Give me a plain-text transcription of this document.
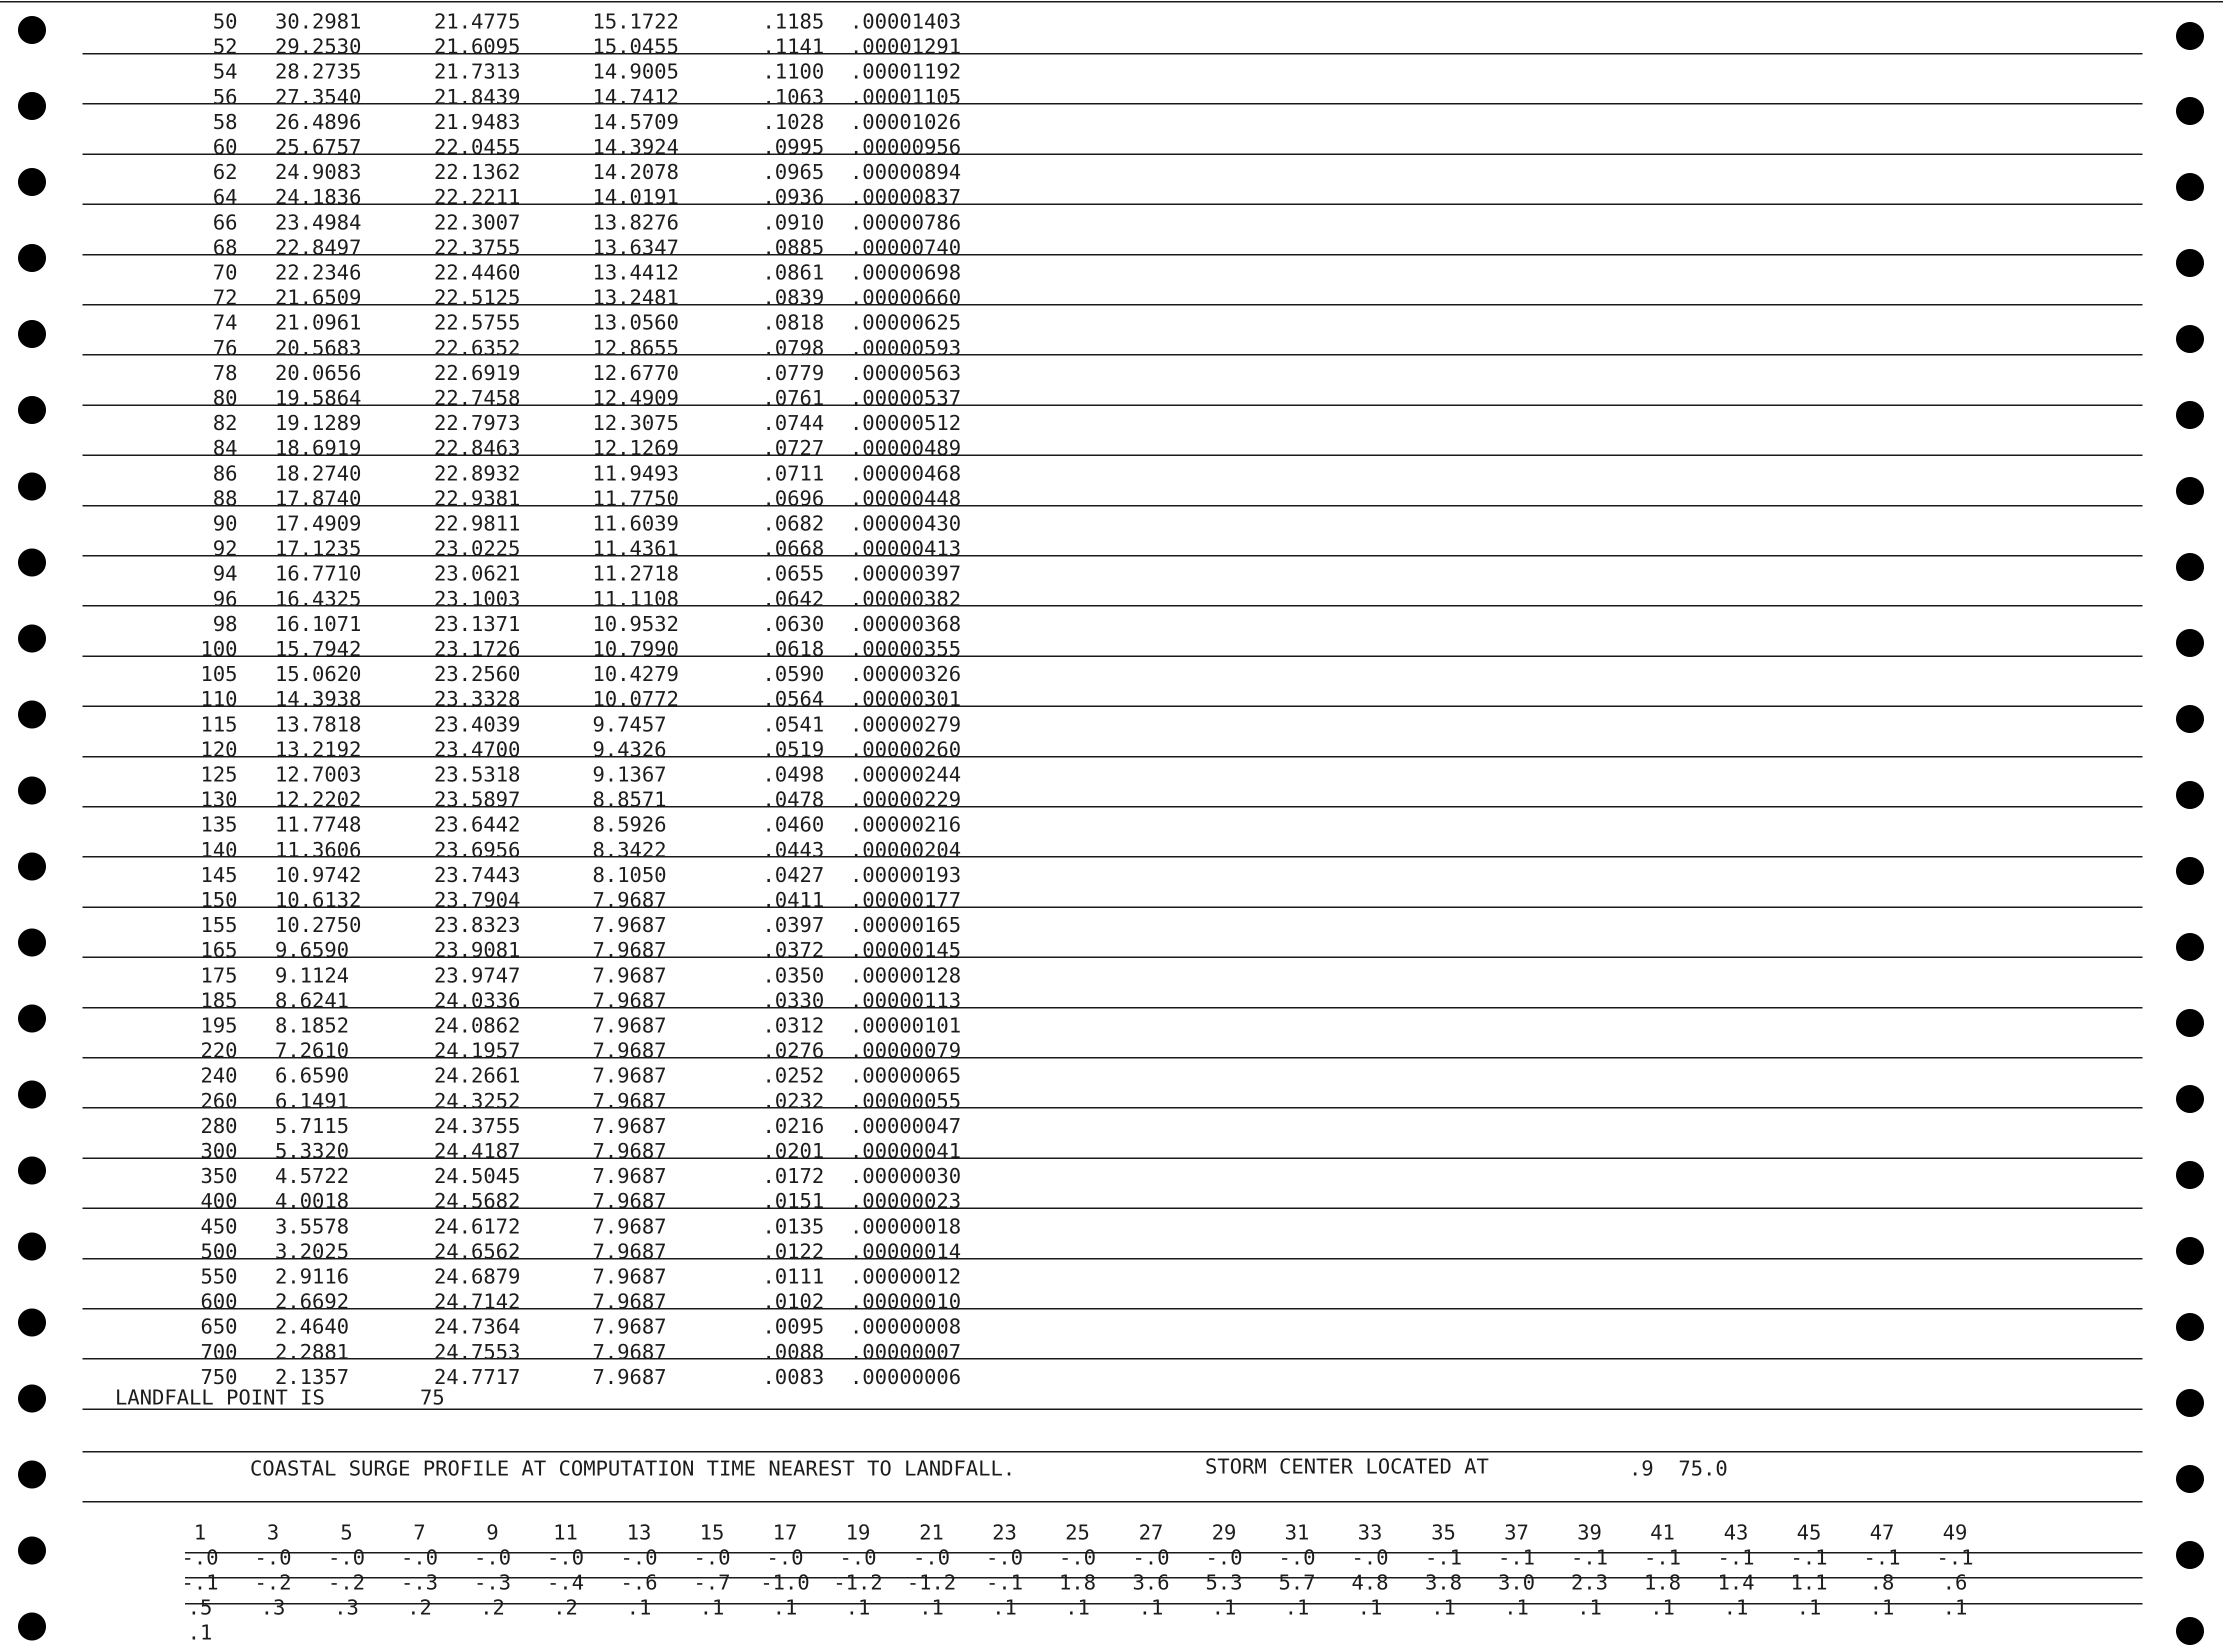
50 30.2981	21.4775	15.1722	.1185 .00001403
52 29.2530	21.6095	15.0455	.1141 .00001291
54 28.2735	21.7313	14.9005	.1100 .00001192
56 27.3540	21.8439	14.7412	.1063 .00001105
58 26.4896	21.9483	14.5709	.1028 .00001026
60 25.6757	22.0455	14.3924	.0995 .00000956
62 24.9083	22.1362	14.2078	.0965 .00000894
64 24.1836	22.2211	14.0191	.0936 .00000837
66 23.4984	22.3007	13.8276	.0910 .00000786
68 22.8497	22.3755	13.6347	.0885 .00000740
70 22.2346	22.4460	13.4412	.0861 .00000698
72 21.6509	22.5125	13.2481	.0839 .00000660
74 21.0961	22.5755	13.0560	.0818 .00000625
76 20.5683	22.6352	12.8655	.0798 .00000593
78 20.0656	22.6919	12.6770	.0779 .00000563
80 19.5864	22.7458	12.4909	.0761 .00000537
82 19.1289	22.7973	12.3075	.0744 .00000512
84 18.6919	22.8463	12.1269	.0727 .00000489
86 18.2740	22.8932	11.9493	.0711 .00000468
88 17.8740	22.9381	11.7750	.0696 .00000448
90 17.4909	22.9811	11.6039	.0682 .00000430
92 17.1235	23.0225	11.4361	.0668 .00000413
94 16.7710	23.0621	11.2718	.0655 .00000397
96 16.4325	23.1003	11.1108	.0642 .00000382
98 16.1071	23.1371	10.9532	.0630 .00000368
100 15.7942	23.1726	10.7990	.0618 .00000355
105 15.0620	23.2560	10.4279	.0590 .00000326
110 14.3938	23.3328	10.0772	.0564 .00000301
115 13.7818	23.4039	9.7457	.0541 .00000279
120 13.2192	23.4700	9.4326	.0519 .00000260
125 12.7003	23.5318	9.1367	.0498 .00000244
130 12.2202	23.5897	8.8571	.0478 .00000229
135 11.7748	23.6442	8.5926	.0460 .00000216
140 11.3606	23.6956	8.3422	.0443 .00000204
145 10.9742	23.7443	8.1050	.0427 .00000193
150 10.6132	23.7904	7.9687	.0411 .00000177
155 10.2750	23.8323	7.9687	.0397 .00000165
165 9.6590	23.9081	7.9687	.0372 .00000145
175 9.1124	23.9747	7.9687	.0350 .00000128
185 8.6241	24.0336	7.9687	.0330 .00000113
195 8.1852	24.0862	7.9687	.0312 .00000101
220 7.2610	24.1957	7.9687	.0276 .00000079
240 6.6590	24.2661	7.9687	.0252 .00000065
260 6.1491	24.3252	7.9687	.0232 .00000055
280 5.7115	24.3755	7.9687	.0216 .00000047
300 5.3320	24.4187	7.9687	.0201 .00000041
350 4.5722	24.5045	7.9687	.0172 .00000030
400 4.0018	24.5682	7.9687	.0151 .00000023
450 3.5578	24.6172	7.9687	.0135 .00000018
500 3.2025	24.6562	7.9687	.0122 .00000014
550 2.9116	24.6879	7.9687	.0111 .00000012
600 2.6692	24.7142	7.9687	.0102 .00000010
650 2.4640	24.7364	7.9687	.0095 .00000008
700 2.2881	24.7553	7.9687	.0088 .00000007
750 2.1357	24.7717	7.9687	.0083 .00000006
LANDFALL POINT IS	75
COASTAL SURGE PROFILE AT COMPUTATION TIME NEAREST TO LANDFALL.	STORM CENTER LOCATED AT	.9  75.0
1	3	5	7	9	11	13	15	17	19	21	23	25	27	29	31	33	35	37	39	41	43	45	47	49
-.0	-.0	-.0	-.0	-.0	-.0	-.0	-.0	-.0	-.0	-.0	-.0	-.0	-.0	-.0	-.0	-.0	-.1	-.1	-.1	-.1	-.1	-.1	-.1	-.1
-.1	-.2	-.2	-.3	-.3	-.4	-.6	-.7	-1.0 -1.2 -1.2	-.1	1.8	3.6	5.3	5.7	4.8	3.8	3.0	2.3	1.8	1.4	1.1	.8	.6
.5	.3	.3	.2	.2	.2	.1	.1	.1	.1	.1	.1	.1	.1	.1	.1	.1	.1	.1	.1	.1	.1	.1	.1	.1
.1
